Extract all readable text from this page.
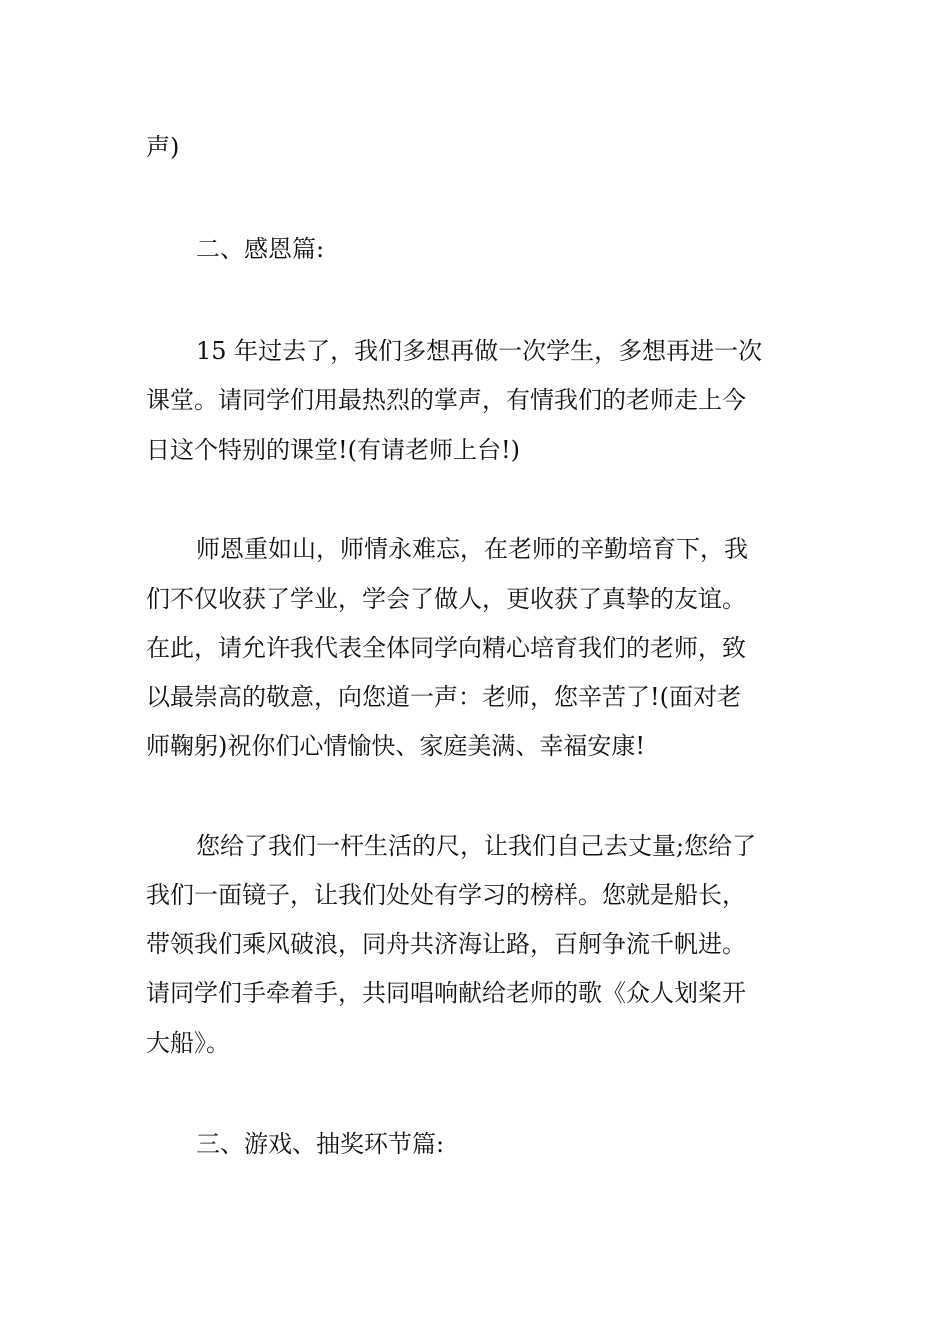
声)
二、感恩篇:
15 年过去了，我们多想再做一次学生，多想再进一次
课堂。请同学们用最热烈的掌声，有情我们的老师走上今
日这个特别的课堂!(有请老师上台!)
师恩重如山，师情永难忘，在老师的辛勤培育下，我
们不仅收获了学业，学会了做人，更收获了真挚的友谊。
在此，请允许我代表全体同学向精心培育我们的老师，致
以最崇高的敬意，向您道一声：老师，您辛苦了!(面对老
师鞠躬)祝你们心情愉快、家庭美满、幸福安康!
您给了我们一杆生活的尺，让我们自己去丈量;您给了
我们一面镜子，让我们处处有学习的榜样。您就是船长，
带领我们乘风破浪，同舟共济海让路，百舸争流千帆进。
请同学们手牵着手，共同唱响献给老师的歌《众人划桨开
大船》。
三、游戏、抽奖环节篇:
